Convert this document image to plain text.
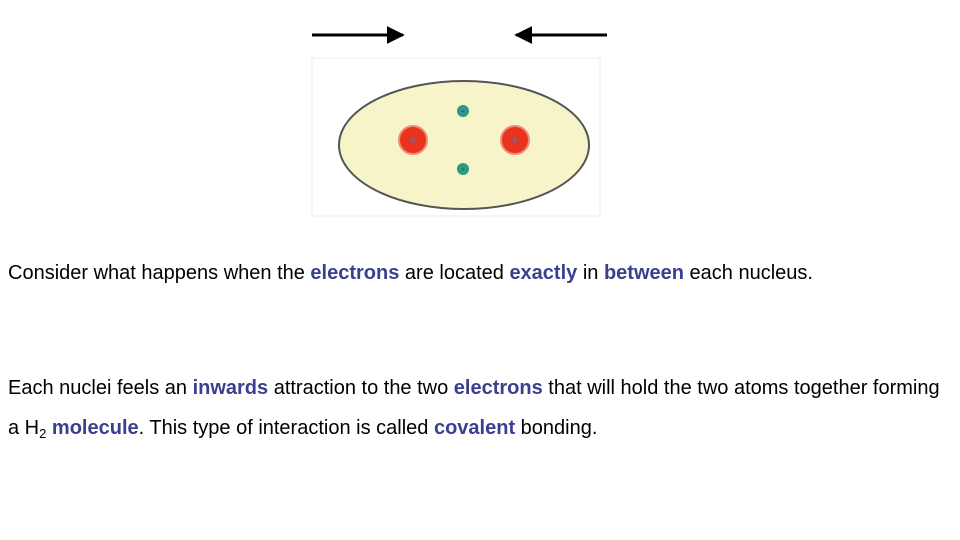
+	+
-
-

Consider what happens when the electrons are located exactly in between each nucleus.

Each nuclei feels an inwards attraction to the two electrons that will hold the two atoms together forming a $H_2$ molecule. This type of interaction is called covalent bonding.
